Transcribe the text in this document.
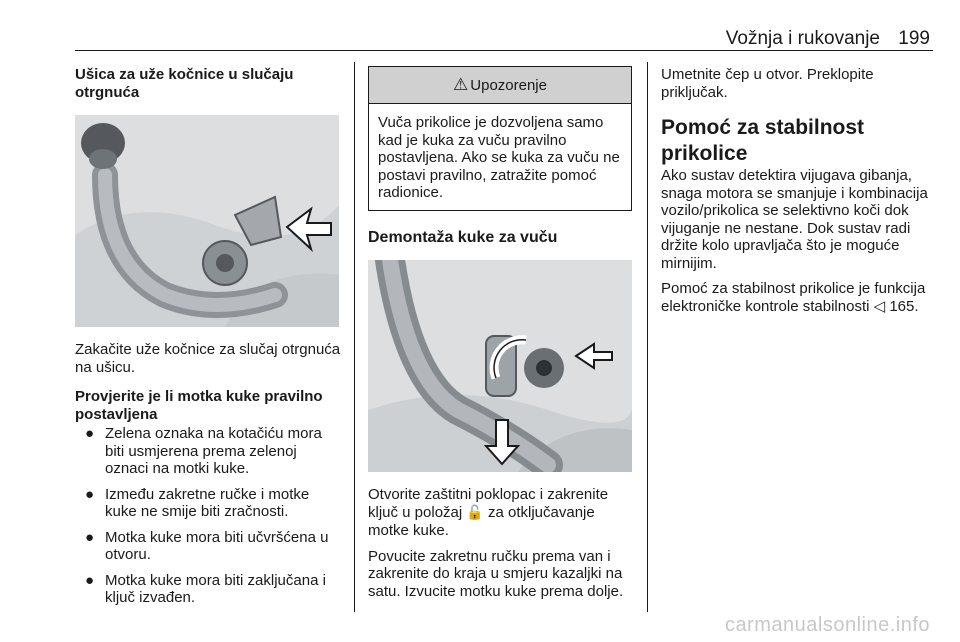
Vožnja i rukovanje 199
Ušica za uže kočnice u slučaju otrgnuća

Zakačite uže kočnice za slučaj otrgnuća na ušicu.

Provjerite je li motka kuke pravilno postavljena
● Zelena oznaka na kotačiću mora biti usmjerena prema zelenoj oznaci na motki kuke.
● Između zakretne ručke i motke kuke ne smije biti zračnosti.
● Motka kuke mora biti učvršćena u otvoru.
● Motka kuke mora biti zaključana i ključ izvađen.
⚠ Upozorenje
Vuča prikolice je dozvoljena samo kad je kuka za vuču pravilno postavljena. Ako se kuka za vuču ne postavi pravilno, zatražite pomoć radionice.
Demontaža kuke za vuču

Otvorite zaštitni poklopac i zakrenite ključ u položaj 🔓 za otključavanje motke kuke.

Povucite zakretnu ručku prema van i zakrenite do kraja u smjeru kazaljki na satu. Izvucite motku kuke prema dolje.

Umetnite čep u otvor. Preklopite priključak.

Pomoć za stabilnost prikolice

Ako sustav detektira vijugava gibanja, snaga motora se smanjuje i kombinacija vozilo/prikolica se selektivno koči dok vijuganje ne nestane. Dok sustav radi držite kolo upravljača što je moguće mirnijim.

Pomoć za stabilnost prikolice je funkcija elektroničke kontrole stabilnosti ◁ 165.

carmanualsonline.info
